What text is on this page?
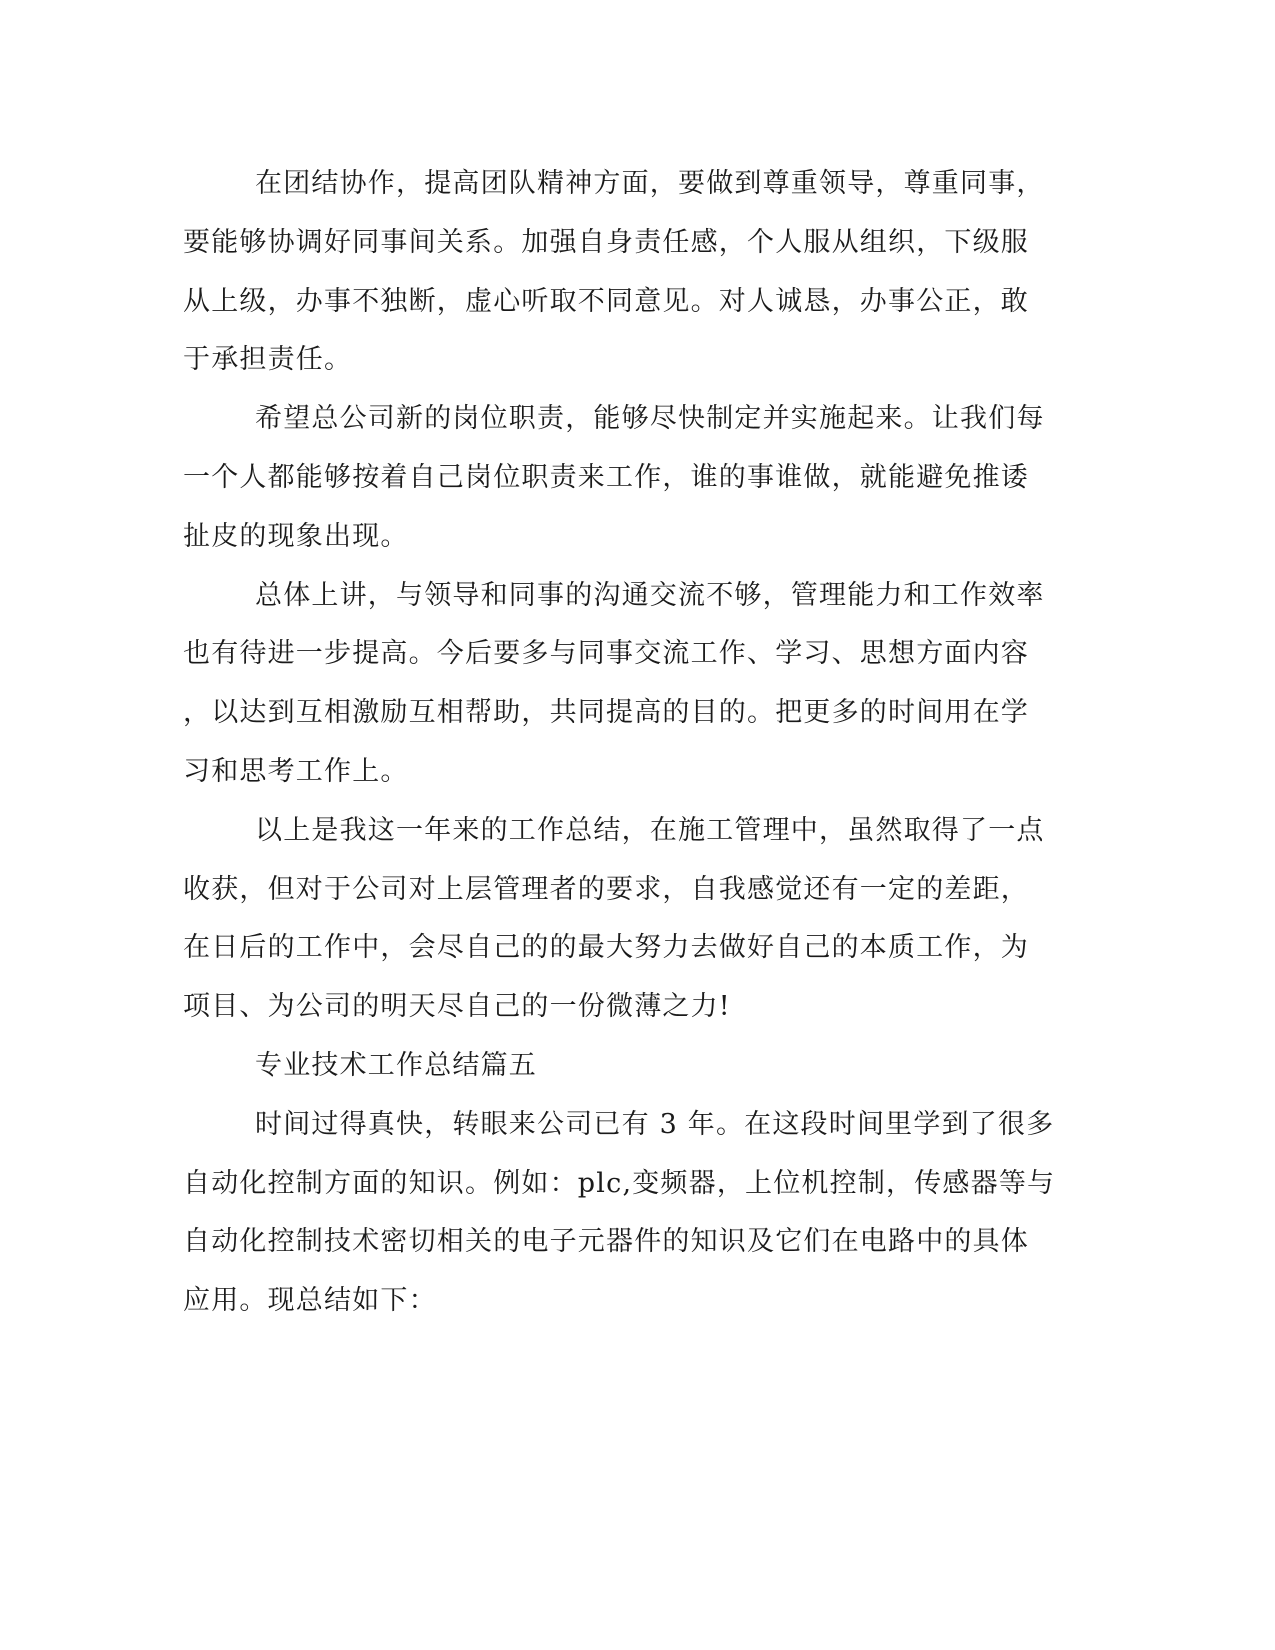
在团结协作，提高团队精神方面，要做到尊重领导，尊重同事，
要能够协调好同事间关系。加强自身责任感，个人服从组织，下级服
从上级，办事不独断，虚心听取不同意见。对人诚恳，办事公正，敢
于承担责任。

希望总公司新的岗位职责，能够尽快制定并实施起来。让我们每
一个人都能够按着自己岗位职责来工作，谁的事谁做，就能避免推诿
扯皮的现象出现。

总体上讲，与领导和同事的沟通交流不够，管理能力和工作效率
也有待进一步提高。今后要多与同事交流工作、学习、思想方面内容
，以达到互相激励互相帮助，共同提高的目的。把更多的时间用在学
习和思考工作上。

以上是我这一年来的工作总结，在施工管理中，虽然取得了一点
收获，但对于公司对上层管理者的要求，自我感觉还有一定的差距，
在日后的工作中，会尽自己的的最大努力去做好自己的本质工作，为
项目、为公司的明天尽自己的一份微薄之力!

专业技术工作总结篇五

时间过得真快，转眼来公司已有 3 年。在这段时间里学到了很多
自动化控制方面的知识。例如：plc,变频器，上位机控制，传感器等与
自动化控制技术密切相关的电子元器件的知识及它们在电路中的具体
应用。现总结如下：
